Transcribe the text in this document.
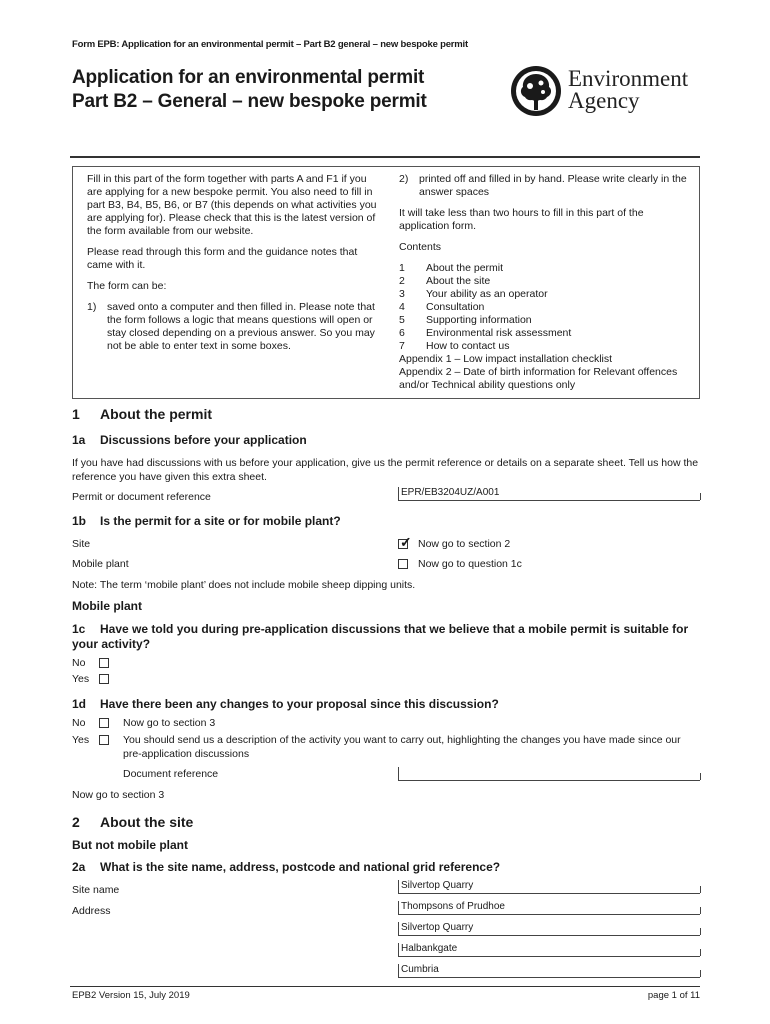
Form EPB: Application for an environmental permit – Part B2 general – new bespoke permit
Application for an environmental permit
Part B2 – General – new bespoke permit
Environment
Agency

Fill in this part of the form together with parts A and F1 if you are applying for a new bespoke permit. You also need to fill in part B3, B4, B5, B6, or B7 (this depends on what activities you are applying for). Please check that this is the latest version of the form available from our website.

Please read through this form and the guidance notes that came with it.

The form can be:

1)	saved onto a computer and then filled in. Please note that the form follows a logic that means questions will open or stay closed depending on a previous answer. So you may not be able to enter text in some boxes.
2)	printed off and filled in by hand. Please write clearly in the answer spaces

It will take less than two hours to fill in this part of the application form.

Contents

1	About the permit
2	About the site
3	Your ability as an operator
4	Consultation
5	Supporting information
6	Environmental risk assessment
7	How to contact us
Appendix 1 – Low impact installation checklist
Appendix 2 – Date of birth information for Relevant offences and/or Technical ability questions only
1 About the permit
1a Discussions before your application
If you have had discussions with us before your application, give us the permit reference or details on a separate sheet. Tell us how the reference you have given this extra sheet.
Permit or document reference	EPR/EB3204UZ/A001
1b Is the permit for a site or for mobile plant?
Site	✓ Now go to section 2
Mobile plant	Now go to question 1c
Note: The term ‘mobile plant’ does not include mobile sheep dipping units.
Mobile plant
1c Have we told you during pre-application discussions that we believe that a mobile permit is suitable for your activity?
No
Yes
1d Have there been any changes to your proposal since this discussion?
No	Now go to section 3
Yes	You should send us a description of the activity you want to carry out, highlighting the changes you have made since our pre-application discussions
Document reference
Now go to section 3
2 About the site
But not mobile plant
2a What is the site name, address, postcode and national grid reference?
Site name	Silvertop Quarry
Address	Thompsons of Prudhoe
Silvertop Quarry
Halbankgate
Cumbria
EPB2 Version 15, July 2019	page 1 of 11
